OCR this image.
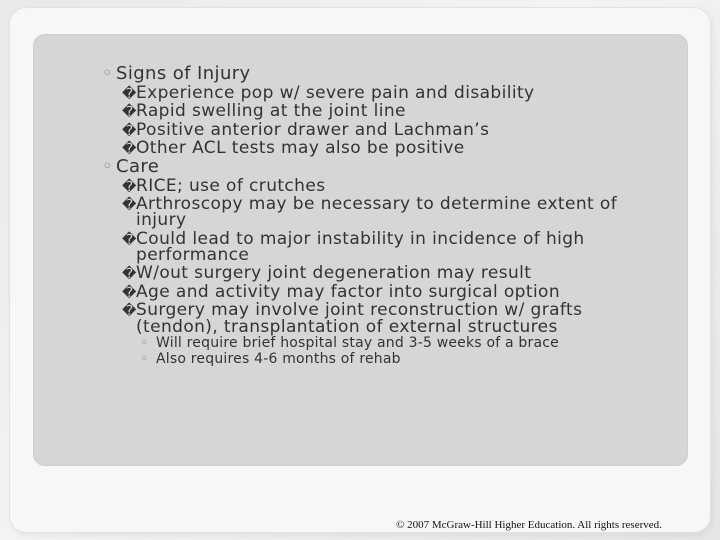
◦ Signs of Injury
�Experience pop w/ severe pain and disability
�Rapid swelling at the joint line
�Positive anterior drawer and Lachman’s
�Other ACL tests may also be positive
◦ Care
�RICE; use of crutches
�Arthroscopy may be necessary to determine extent of
injury
�Could lead to major instability in incidence of high
performance
�W/out surgery joint degeneration may result
�Age and activity may factor into surgical option
�Surgery may involve joint reconstruction w/ grafts
(tendon), transplantation of external structures
◦ Will require brief hospital stay and 3-5 weeks of a brace
◦ Also requires 4-6 months of rehab
© 2007 McGraw-Hill Higher Education. All rights reserved.
